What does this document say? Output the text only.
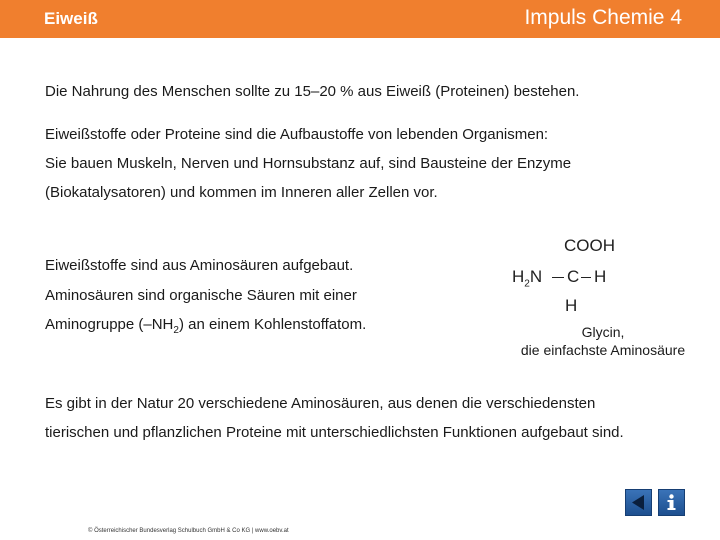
Eiweiß	Impuls Chemie 4
Die Nahrung des Menschen sollte zu 15–20 % aus Eiweiß (Proteinen) bestehen.
Eiweißstoffe oder Proteine sind die Aufbaustoffe von lebenden Organismen:
Sie bauen Muskeln, Nerven und Hornsubstanz auf, sind Bausteine der Enzyme
(Biokatalysatoren) und kommen im Inneren aller Zellen vor.
Eiweißstoffe sind aus Aminosäuren aufgebaut.
Aminosäuren sind organische Säuren mit einer
Aminogruppe $(-NH_2)$ an einem Kohlenstoffatom.
COOH
$H_2N$ C H
H
Glycin,
die einfachste Aminosäure
Es gibt in der Natur 20 verschiedene Aminosäuren, aus denen die verschiedensten
tierischen und pflanzlichen Proteine mit unterschiedlichsten Funktionen aufgebaut sind.
© Österreichischer Bundesverlag Schulbuch GmbH & Co KG | www.oebv.at
